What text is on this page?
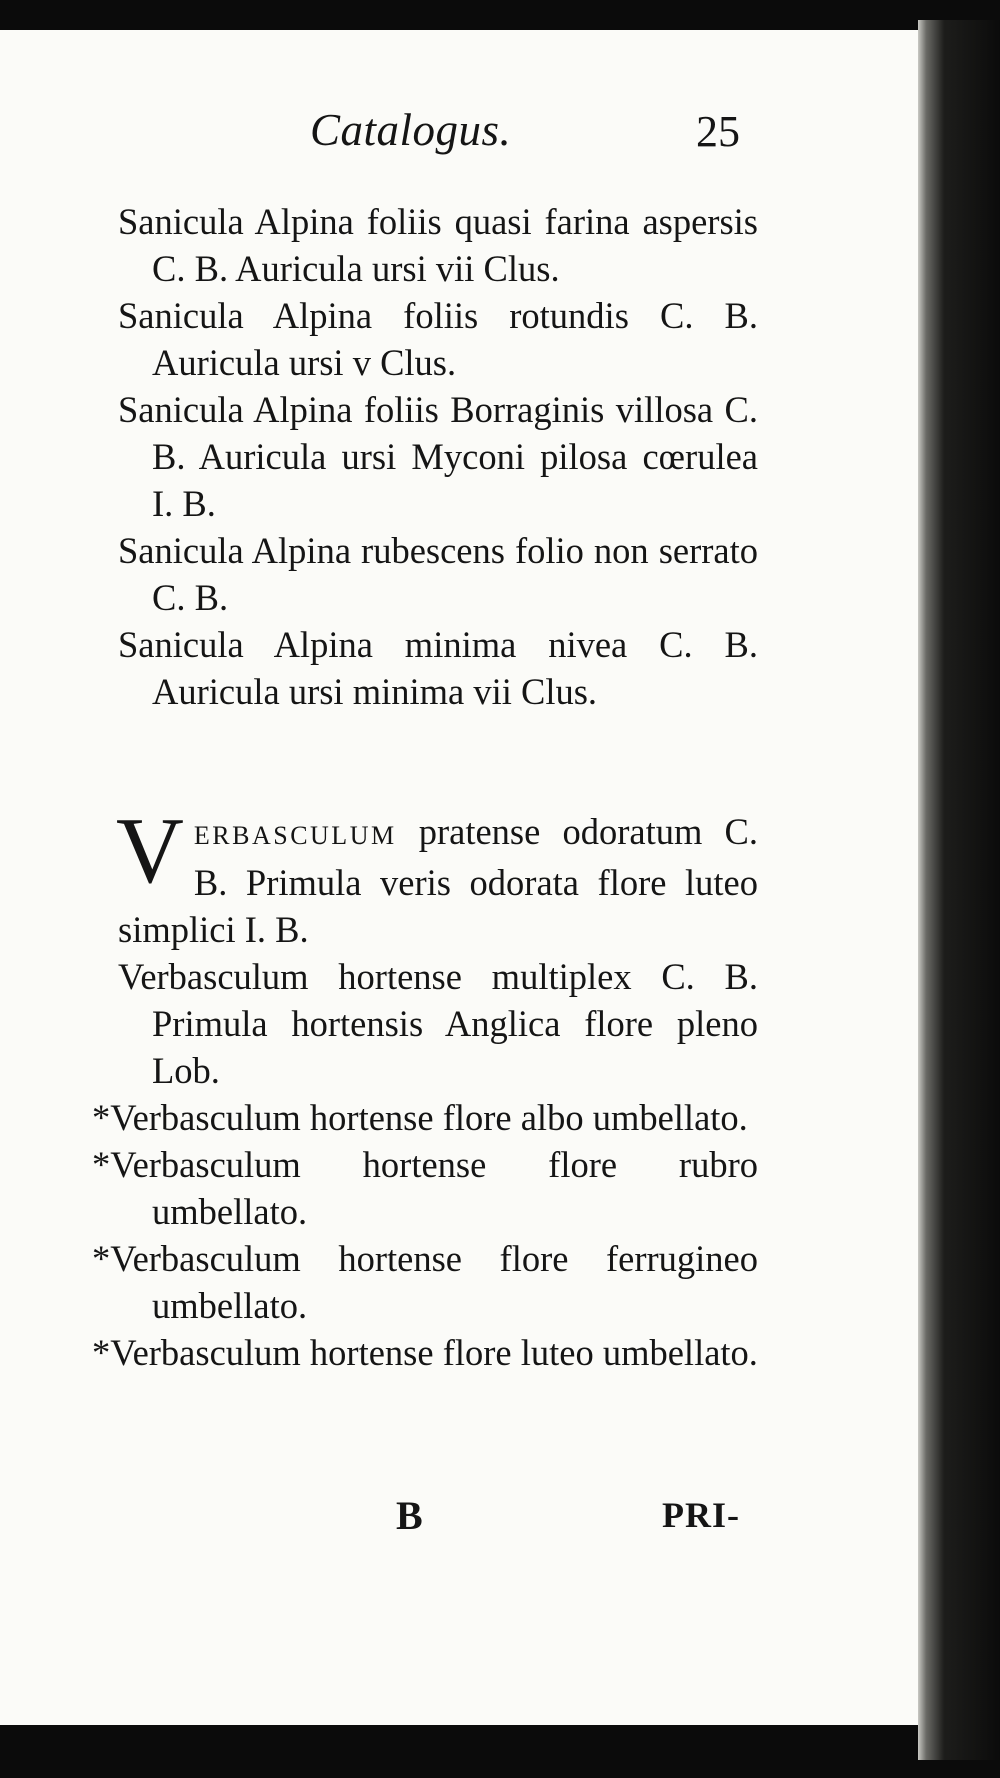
Catalogus.	25

Sanicula Alpina foliis quasi farina aspersis C. B. Auricula ursi vii Clus.

Sanicula Alpina foliis rotundis C. B. Auricula ursi v Clus.

Sanicula Alpina foliis Borraginis villosa C. B. Auricula ursi Myconi pilosa cœrulea I. B.

Sanicula Alpina rubescens folio non serrato C. B.

Sanicula Alpina minima nivea C. B. Auricula ursi minima vii Clus.

VERBASCULUM pratense odoratum C. B. Primula veris odorata flore luteo simplici I. B.

Verbasculum hortense multiplex C. B. Primula hortensis Anglica flore pleno Lob.

*Verbasculum hortense flore albo umbellato.

*Verbasculum hortense flore rubro umbellato.

*Verbasculum hortense flore ferrugineo umbellato.

*Verbasculum hortense flore luteo umbellato.

B	PRI-
